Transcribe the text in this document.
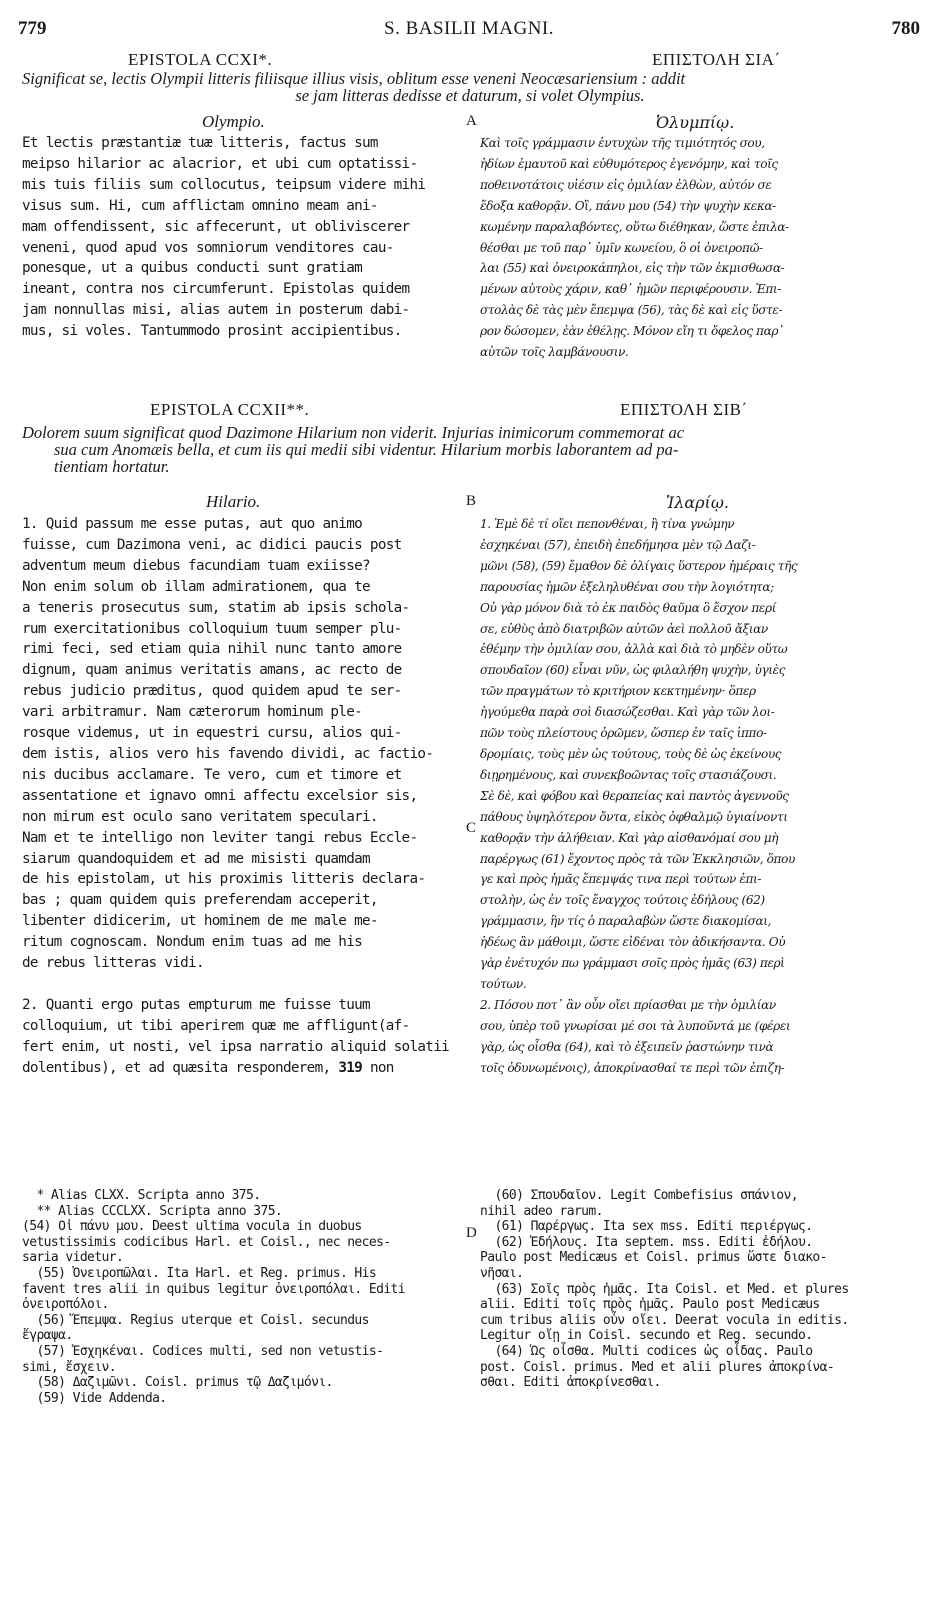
779	S. BASILII MAGNI.	780
EPISTOLA CCXI*.	ΕΠΙΣΤΟΛΗ ΣΙΑ΄
Significat se, lectis Olympii litteris filiisque illius visis, oblitum esse veneni Neocæsariensium : addit
se jam litteras dedisse et daturum, si volet Olympius.
Olympio.	A	Ὀλυμπίῳ.
Et lectis præstantiæ tuæ litteris, factus sum
meipso hilarior ac alacrior, et ubi cum optatissi-
mis tuis filiis sum collocutus, teipsum videre mihi
visus sum. Hi, cum afflictam omnino meam ani-
mam offendissent, sic affecerunt, ut obliviscerer
veneni, quod apud vos somniorum venditores cau-
ponesque, ut a quibus conducti sunt gratiam
ineant, contra nos circumferunt. Epistolas quidem
jam nonnullas misi, alias autem in posterum dabi-
mus, si voles. Tantummodo prosint accipientibus.
Καὶ τοῖς γράμμασιν ἐντυχὼν τῆς τιμιότητός σου,
ἡδίων ἐμαυτοῦ καὶ εὐθυμότερος ἐγενόμην, καὶ τοῖς
ποθεινοτάτοις υἱέσιν εἰς ὁμιλίαν ἐλθὼν, αὐτόν σε
ἔδοξα καθορᾷν. Οἳ, πάνυ μου (54) τὴν ψυχὴν κεκα-
κωμένην παραλαβόντες, οὕτω διέθηκαν, ὥστε ἐπιλα-
θέσθαι με τοῦ παρ᾽ ὑμῖν κωνείου, ὃ οἱ ὀνειροπῶ-
λαι (55) καὶ ὀνειροκάπηλοι, εἰς τὴν τῶν ἐκμισθωσα-
μένων αὐτοὺς χάριν, καθ᾽ ἡμῶν περιφέρουσιν. Ἐπι-
στολὰς δὲ τὰς μὲν ἔπεμψα (56), τὰς δὲ καὶ εἰς ὕστε-
ρον δώσομεν, ἐὰν ἐθέλῃς. Μόνον εἴη τι ὄφελος παρ᾽
αὐτῶν τοῖς λαμβάνουσιν.
EPISTOLA CCXII**.	ΕΠΙΣΤΟΛΗ ΣΙΒ΄
Dolorem suum significat quod Dazimone Hilarium non viderit. Injurias inimicorum commemorat ac
sua cum Anomæis bella, et cum iis qui medii sibi videntur. Hilarium morbis laborantem ad pa-
tientiam hortatur.
Hilario.	B	Ἱλαρίῳ.
1. Quid passum me esse putas, aut quo animo
fuisse, cum Dazimona veni, ac didici paucis post
adventum meum diebus facundiam tuam exiisse?
Non enim solum ob illam admirationem, qua te
a teneris prosecutus sum, statim ab ipsis schola-
rum exercitationibus colloquium tuum semper plu-
rimi feci, sed etiam quia nihil nunc tanto amore
dignum, quam animus veritatis amans, ac recto de
rebus judicio præditus, quod quidem apud te ser-
vari arbitramur. Nam cæterorum hominum ple-
rosque videmus, ut in equestri cursu, alios qui-
dem istis, alios vero his favendo dividi, ac factio-
nis ducibus acclamare. Te vero, cum et timore et
assentatione et ignavo omni affectu excelsior sis,
non mirum est oculo sano veritatem speculari.
Nam et te intelligo non leviter tangi rebus Eccle-
siarum quandoquidem et ad me misisti quamdam
de his epistolam, ut his proximis litteris declara-
bas ; quam quidem quis preferendam acceperit,
libenter didicerim, ut hominem de me male me-
ritum cognoscam. Nondum enim tuas ad me his
de rebus litteras vidi.

2. Quanti ergo putas empturum me fuisse tuum
colloquium, ut tibi aperirem quæ me affligunt(af-
fert enim, ut nosti, vel ipsa narratio aliquid solatii
dolentibus), et ad quæsita responderem, 319 non
1. Ἐμὲ δὲ τί οἴει πεπονθέναι, ἢ τίνα γνώμην
ἐσχηκέναι (57), ἐπειδὴ ἐπεδήμησα μὲν τῷ Δαζι-
μῶνι (58), (59) ἔμαθον δὲ ὀλίγαις ὕστερον ἡμέραις τῆς
παρουσίας ἡμῶν ἐξεληλυθέναι σου τὴν λογιότητα;
Οὐ γὰρ μόνον διὰ τὸ ἐκ παιδὸς θαῦμα ὃ ἔσχον περί
σε, εὐθὺς ἀπὸ διατριβῶν αὐτῶν ἀεὶ πολλοῦ ἄξιαν
ἐθέμην τὴν ὁμιλίαν σου, ἀλλὰ καὶ διὰ τὸ μηδὲν οὕτω
σπουδαῖον (60) εἶναι νῦν, ὡς φιλαλήθη ψυχὴν, ὑγιὲς
τῶν πραγμάτων τὸ κριτήριον κεκτημένην· ὅπερ
ἡγούμεθα παρὰ σοὶ διασώζεσθαι. Καὶ γὰρ τῶν λοι-
πῶν τοὺς πλείστους ὁρῶμεν, ὥσπερ ἐν ταῖς ἱππο-
δρομίαις, τοὺς μὲν ὡς τούτους, τοὺς δὲ ὡς ἐκείνους
διῃρημένους, καὶ συνεκβοῶντας τοῖς στασιάζουσι.
Σὲ δὲ, καὶ φόβου καὶ θεραπείας καὶ παντὸς ἀγεννοῦς
πάθους ὑψηλότερον ὄντα, εἰκὸς ὀφθαλμῷ ὑγιαίνοντι
καθορᾷν τὴν ἀλήθειαν. Καὶ γὰρ αἰσθανόμαί σου μὴ
παρέργως (61) ἔχοντος πρὸς τὰ τῶν Ἐκκλησιῶν, ὅπου
γε καὶ πρὸς ἡμᾶς ἔπεμψάς τινα περὶ τούτων ἐπι-
στολὴν, ὡς ἐν τοῖς ἔναγχος τούτοις ἐδήλους (62)
γράμμασιν, ἣν τίς ὁ παραλαβὼν ὥστε διακομίσαι,
ἡδέως ἂν μάθοιμι, ὥστε εἰδέναι τὸν ἀδικήσαντα. Οὐ
γὰρ ἐνέτυχόν πω γράμμασι σοῖς πρὸς ἡμᾶς (63) περὶ
τούτων.
2. Πόσου ποτ᾽ ἂν οὖν οἴει πρίασθαι με τὴν ὁμιλίαν
σου, ὑπὲρ τοῦ γνωρίσαι μέ σοι τὰ λυποῦντά με (φέρει
γὰρ, ὡς οἶσθα (64), καὶ τὸ ἐξειπεῖν ῥαστώνην τινὰ
τοῖς ὀδυνωμένοις), ἀποκρίνασθαί τε περὶ τῶν ἐπιζη-
C
* Alias CLXX. Scripta anno 375.
** Alias CCCLXX. Scripta anno 375.
(54) Οἱ πάνυ μου. Deest ultima vocula in duobus
vetustissimis codicibus Harl. et Coisl., nec neces-
saria videtur.
(55) Ὀνειροπῶλαι. Ita Harl. et Reg. primus. His
favent tres alii in quibus legitur ὀνειροπόλαι. Editi
ὀνειροπόλοι.
(56) Ἔπεμψα. Regius uterque et Coisl. secundus
ἔγραψα.
(57) Ἐσχηκέναι. Codices multi, sed non vetustis-
simi, ἔσχειν.
(58) Δαζιμῶνι. Coisl. primus τῷ Δαζιμόνι.
(59) Vide Addenda.
D
(60) Σπουδαῖον. Legit Combefisius σπάνιον,
nihil adeo rarum.
(61) Παρέργως. Ita sex mss. Editi περιέργως.
(62) Ἐδήλους. Ita septem. mss. Editi ἐδήλου.
Paulo post Medicæus et Coisl. primus ὥστε διακο-
νῆσαι.
(63) Σοῖς πρὸς ἡμᾶς. Ita Coisl. et Med. et plures
alii. Editi τοῖς πρὸς ἡμᾶς. Paulo post Medicæus
cum tribus aliis οὖν οἴει. Deerat vocula in editis.
Legitur οἴῃ in Coisl. secundo et Reg. secundo.
(64) Ὡς οἶσθα. Multi codices ὡς οἶδας. Paulo
post. Coisl. primus. Med et alii plures ἀποκρίνα-
σθαι. Editi ἀποκρίνεσθαι.
